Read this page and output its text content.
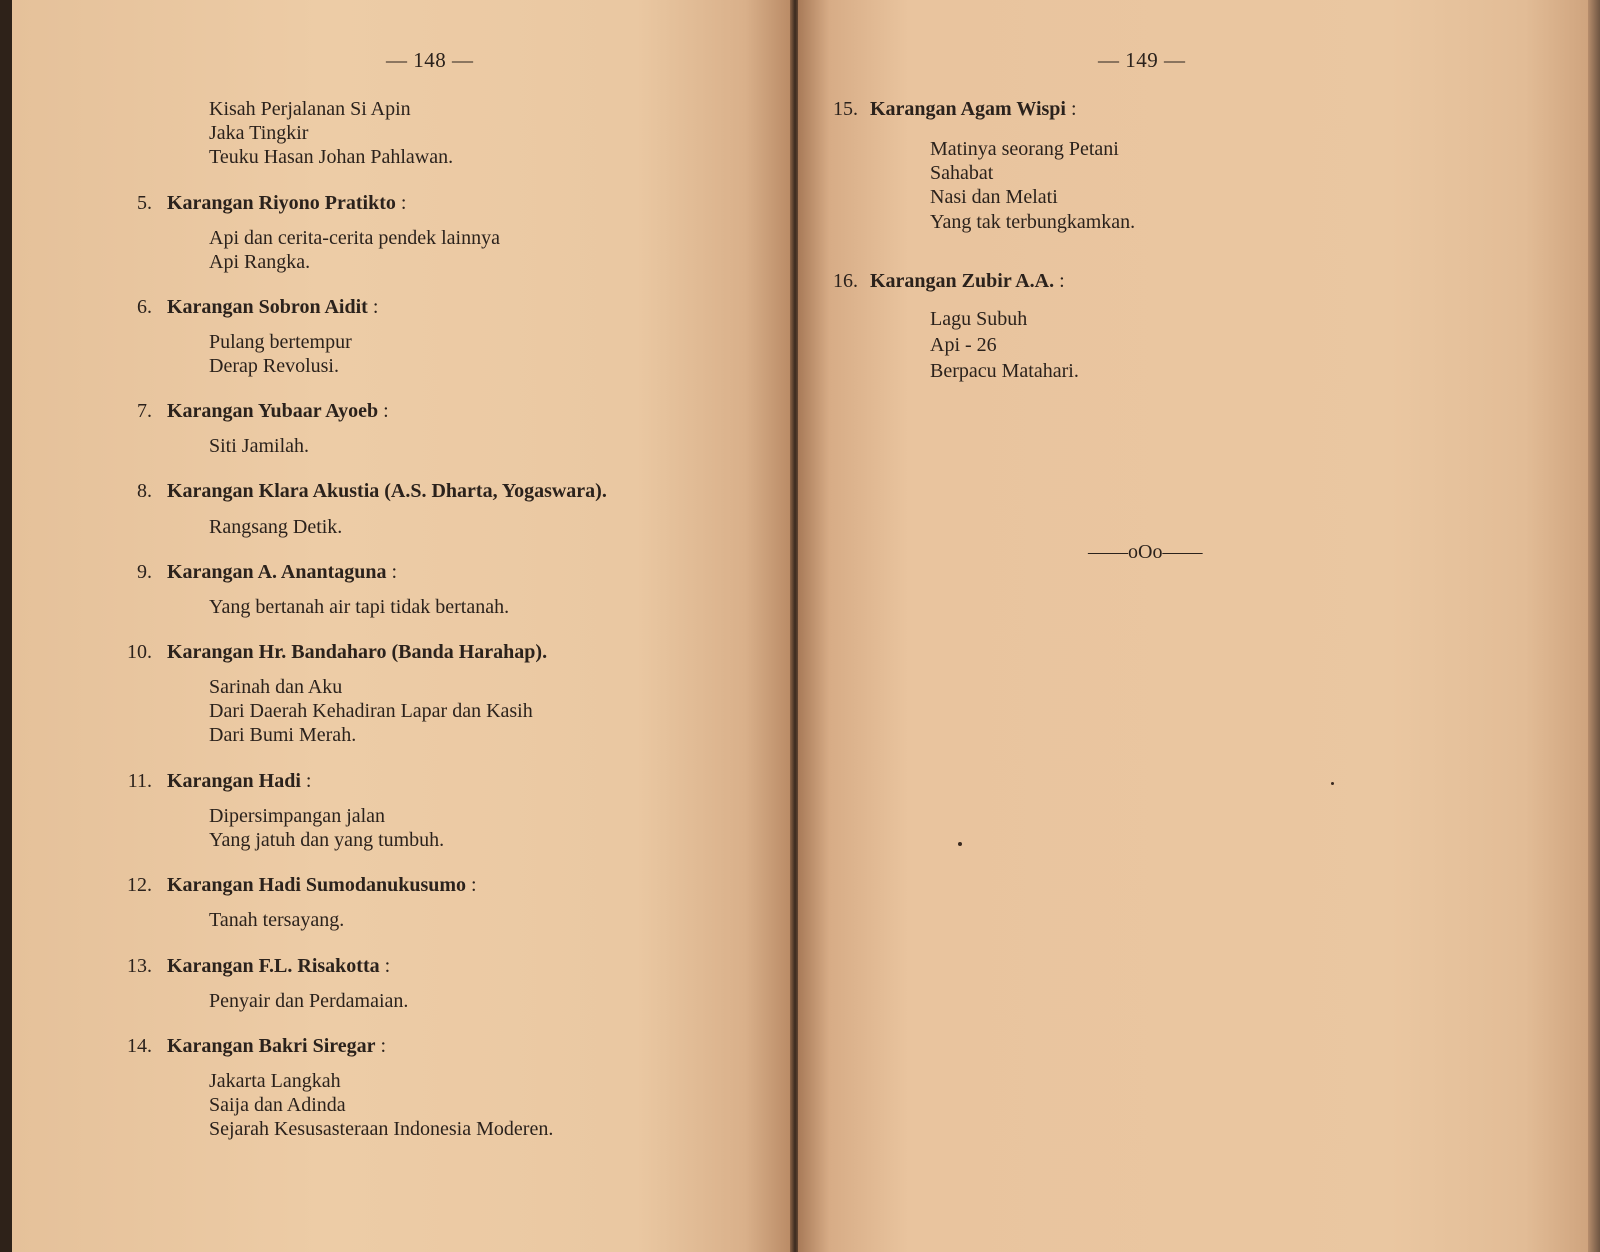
— 148 —
Kisah Perjalanan Si Apin
Jaka Tingkir
Teuku Hasan Johan Pahlawan.
5. Karangan Riyono Pratikto :
Api dan cerita-cerita pendek lainnya
Api Rangka.
6. Karangan Sobron Aidit :
Pulang bertempur
Derap Revolusi.
7. Karangan Yubaar Ayoeb :
Siti Jamilah.
8. Karangan Klara Akustia (A.S. Dharta, Yogaswara).
Rangsang Detik.
9. Karangan A. Anantaguna :
Yang bertanah air tapi tidak bertanah.
10. Karangan Hr. Bandaharo (Banda Harahap).
Sarinah dan Aku
Dari Daerah Kehadiran Lapar dan Kasih
Dari Bumi Merah.
11. Karangan Hadi :
Dipersimpangan jalan
Yang jatuh dan yang tumbuh.
12. Karangan Hadi Sumodanukusumo :
Tanah tersayang.
13. Karangan F.L. Risakotta :
Penyair dan Perdamaian.
14. Karangan Bakri Siregar :
Jakarta Langkah
Saija dan Adinda
Sejarah Kesusasteraan Indonesia Moderen.
— 149 —
15. Karangan Agam Wispi :
Matinya seorang Petani
Sahabat
Nasi dan Melati
Yang tak terbungkamkan.
16. Karangan Zubir A.A. :
Lagu Subuh
Api - 26
Berpacu Matahari.
——oOo——
